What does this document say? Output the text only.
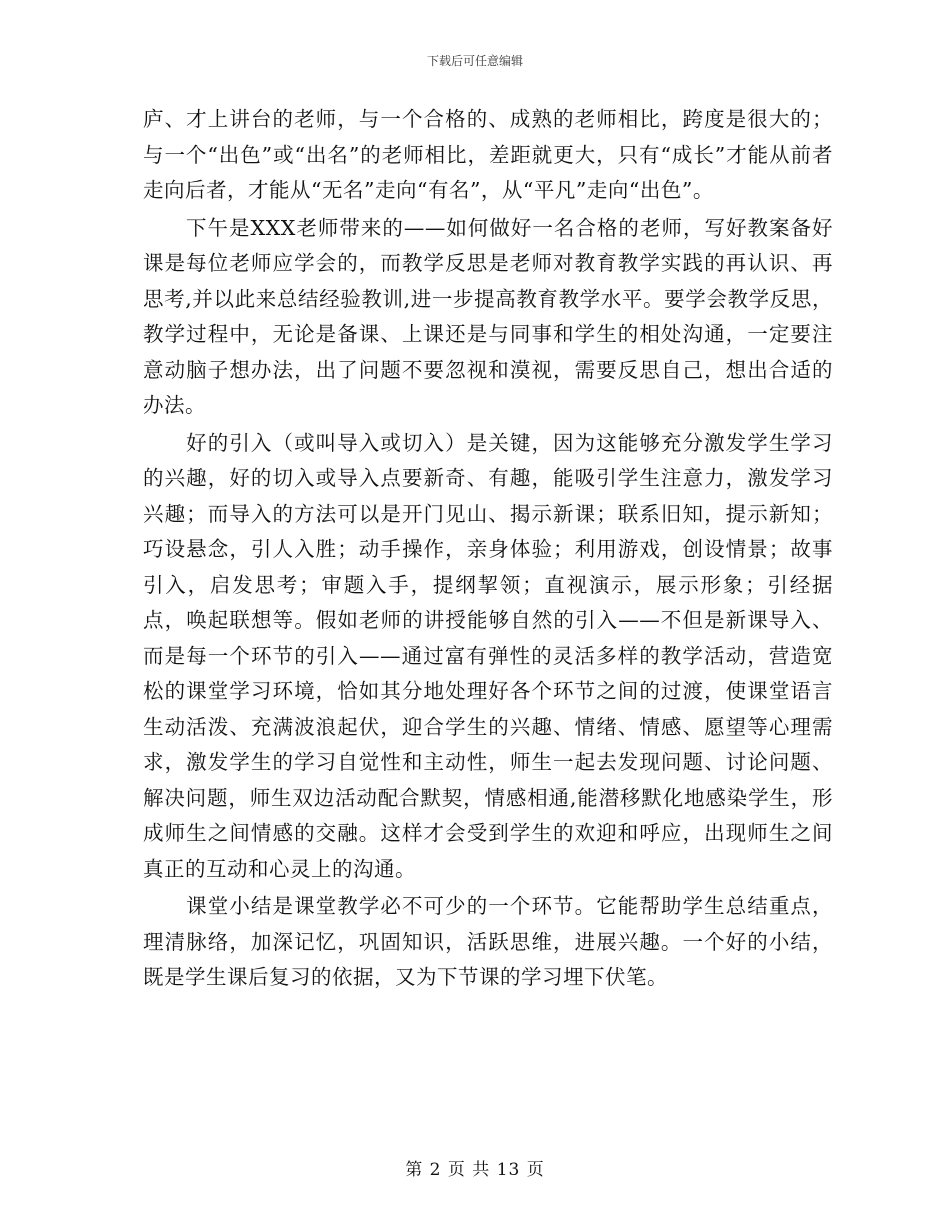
下载后可任意编辑

庐、才上讲台的老师，与一个合格的、成熟的老师相比，跨度是很大的；与一个“出色”或“出名”的老师相比，差距就更大，只有“成长”才能从前者走向后者，才能从“无名”走向“有名”，从“平凡”走向“出色”。

　　下午是XXX老师带来的——如何做好一名合格的老师，写好教案备好课是每位老师应学会的，而教学反思是老师对教育教学实践的再认识、再思考,并以此来总结经验教训,进一步提高教育教学水平。要学会教学反思，教学过程中，无论是备课、上课还是与同事和学生的相处沟通，一定要注意动脑子想办法，出了问题不要忽视和漠视，需要反思自己，想出合适的办法。

　　好的引入（或叫导入或切入）是关键，因为这能够充分激发学生学习的兴趣，好的切入或导入点要新奇、有趣，能吸引学生注意力，激发学习兴趣；而导入的方法可以是开门见山、揭示新课；联系旧知，提示新知；巧设悬念，引人入胜；动手操作，亲身体验；利用游戏，创设情景；故事引入，启发思考；审题入手，提纲挈领；直视演示，展示形象；引经据点，唤起联想等。假如老师的讲授能够自然的引入——不但是新课导入、而是每一个环节的引入——通过富有弹性的灵活多样的教学活动，营造宽松的课堂学习环境，恰如其分地处理好各个环节之间的过渡，使课堂语言生动活泼、充满波浪起伏，迎合学生的兴趣、情绪、情感、愿望等心理需求，激发学生的学习自觉性和主动性，师生一起去发现问题、讨论问题、解决问题，师生双边活动配合默契，情感相通,能潜移默化地感染学生，形成师生之间情感的交融。这样才会受到学生的欢迎和呼应，出现师生之间真正的互动和心灵上的沟通。

　　课堂小结是课堂教学必不可少的一个环节。它能帮助学生总结重点，理清脉络，加深记忆，巩固知识，活跃思维，进展兴趣。一个好的小结，既是学生课后复习的依据，又为下节课的学习埋下伏笔。

第 2 页 共 13 页
